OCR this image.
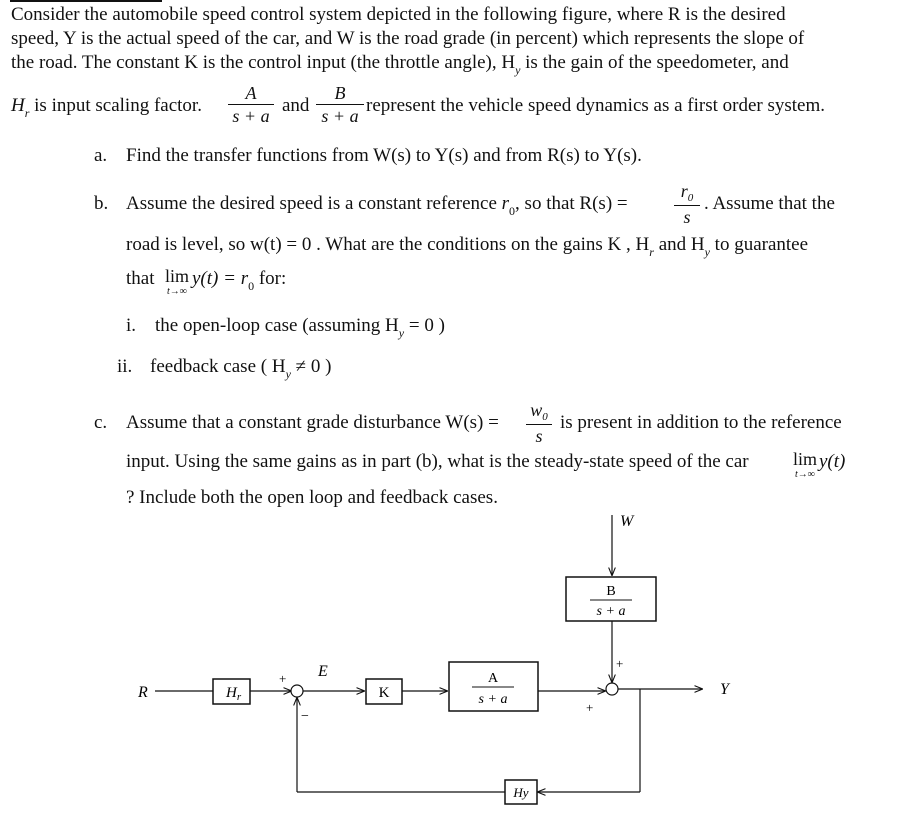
Consider the automobile speed control system depicted in the following figure, where R is the desired
speed, Y is the actual speed of the car, and W is the road grade (in percent) which represents the slope of
the road. The constant K is the control input (the throttle angle), $H_y$ is the gain of the speedometer, and
$H_r$ is input scaling factor.
A
s + a and
B
s + a represent the vehicle speed dynamics as a first order system.
a. Find the transfer functions from W(s) to Y(s) and from R(s) to Y(s).
b. Assume the desired speed is a constant reference $r_0$, so that R(s) =
$r_0$
s
. Assume that the
road is level, so w(t) = 0 . What are the conditions on the gains K , $H_r$ and $H_y$ to guarantee
that lim
t→∞
$y(t) = r_0$ for:
i. the open-loop case (assuming $H_y = 0$ )
ii. feedback case ( $H_y \ne 0$ )
c. Assume that a constant grade disturbance W(s) =
$w_0$
s
is present in addition to the reference
input. Using the same gains as in part (b), what is the steady-state speed of the car lim
t→∞
y(t)
? Include both the open loop and feedback cases.
W
B
s + a
+
R	$H_r$
+
−
E
K
A
s + a
+
Y
Hy
